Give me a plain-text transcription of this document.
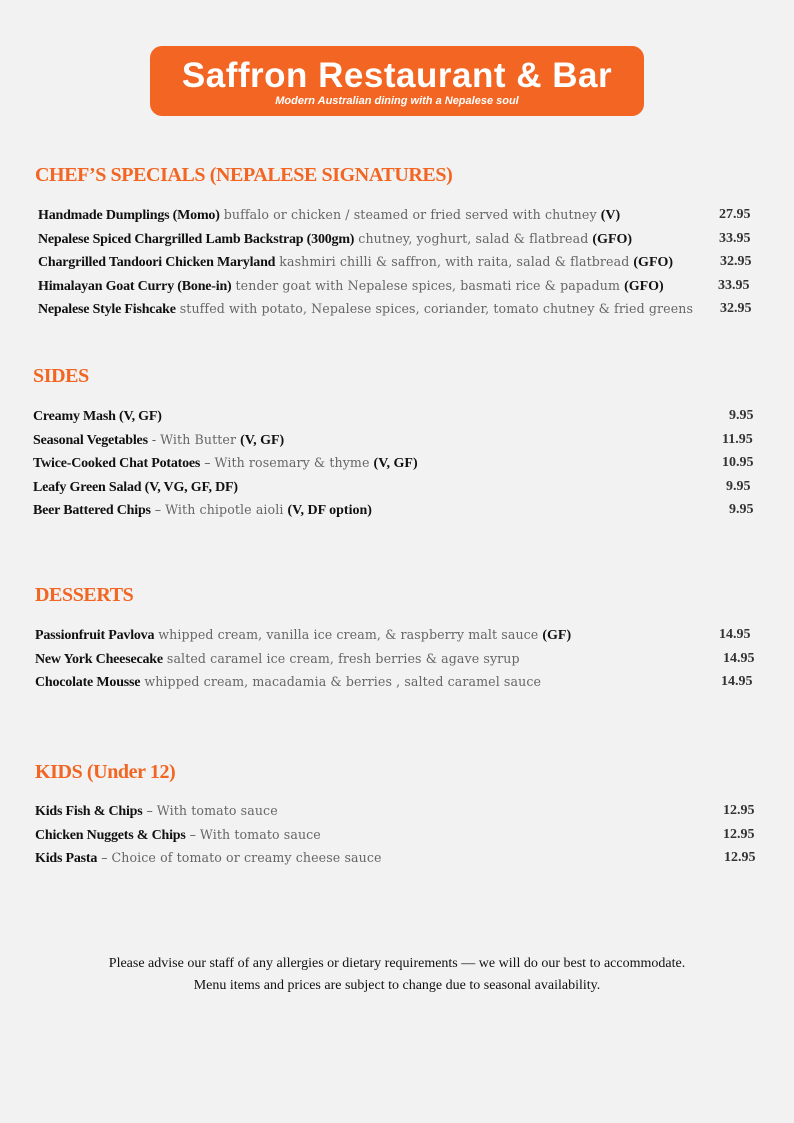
Saffron Restaurant & Bar
Modern Australian dining with a Nepalese soul
CHEF’S SPECIALS (NEPALESE SIGNATURES)
Handmade Dumplings (Momo) buffalo or chicken / steamed or fried served with chutney (V)	27.95
Nepalese Spiced Chargrilled Lamb Backstrap (300gm) chutney, yoghurt, salad & flatbread (GFO)	33.95
Chargrilled Tandoori Chicken Maryland kashmiri chilli & saffron, with raita, salad & flatbread (GFO)	32.95
Himalayan Goat Curry (Bone-in) tender goat with Nepalese spices, basmati rice & papadum (GFO)	33.95
Nepalese Style Fishcake stuffed with potato, Nepalese spices, coriander, tomato chutney & fried greens 32.95
SIDES
Creamy Mash (V, GF)	9.95
Seasonal Vegetables - With Butter (V, GF)	11.95
Twice-Cooked Chat Potatoes – With rosemary & thyme (V, GF)	10.95
Leafy Green Salad (V, VG, GF, DF)	9.95
Beer Battered Chips – With chipotle aioli (V, DF option)	9.95
DESSERTS
Passionfruit Pavlova whipped cream, vanilla ice cream, & raspberry malt sauce (GF)	14.95
New York Cheesecake salted caramel ice cream, fresh berries & agave syrup	14.95
Chocolate Mousse whipped cream, macadamia & berries , salted caramel sauce	14.95
KIDS (Under 12)
Kids Fish & Chips – With tomato sauce	12.95
Chicken Nuggets & Chips – With tomato sauce	12.95
Kids Pasta – Choice of tomato or creamy cheese sauce	12.95
Please advise our staff of any allergies or dietary requirements — we will do our best to accommodate.
Menu items and prices are subject to change due to seasonal availability.
